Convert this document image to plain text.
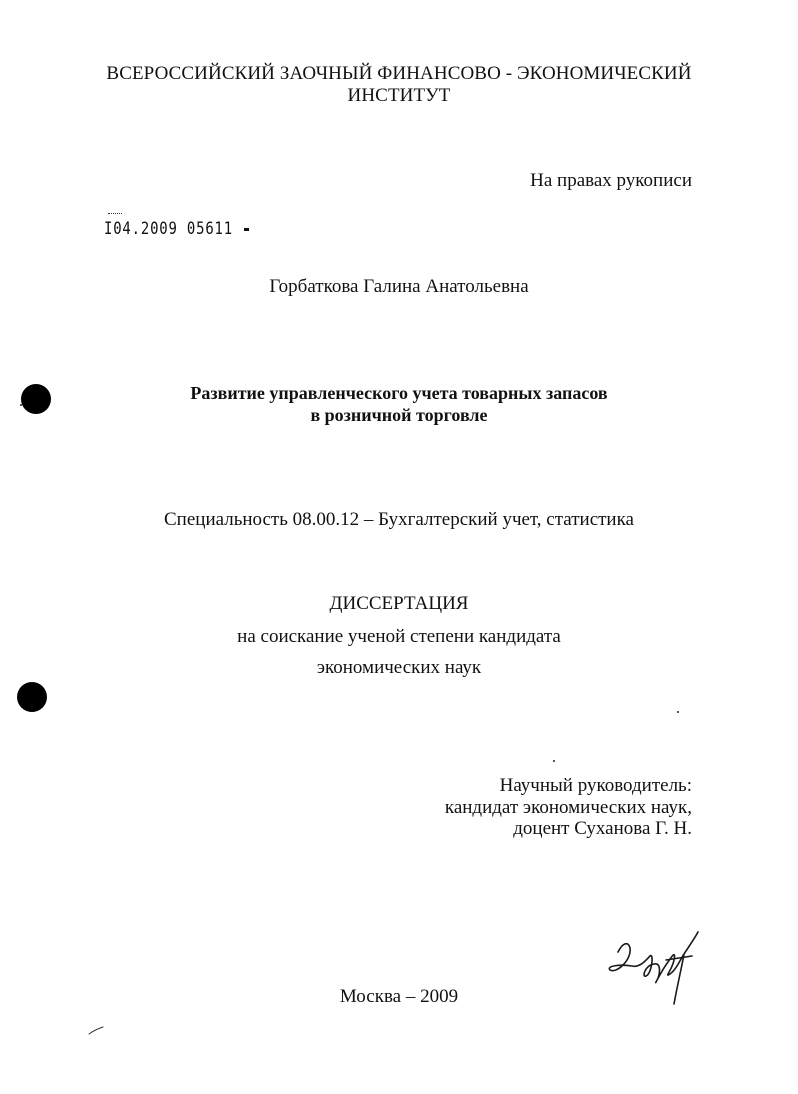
ВСЕРОССИЙСКИЙ ЗАОЧНЫЙ ФИНАНСОВО - ЭКОНОМИЧЕСКИЙ
ИНСТИТУТ
На правах рукописи
I04.2009 05611
Горбаткова Галина Анатольевна
Развитие управленческого учета товарных запасов
в розничной торговле
Специальность 08.00.12 – Бухгалтерский учет, статистика
ДИССЕРТАЦИЯ
на соискание ученой степени кандидата
экономических наук
Научный руководитель:
кандидат экономических наук,
доцент Суханова Г. Н.
Москва – 2009
